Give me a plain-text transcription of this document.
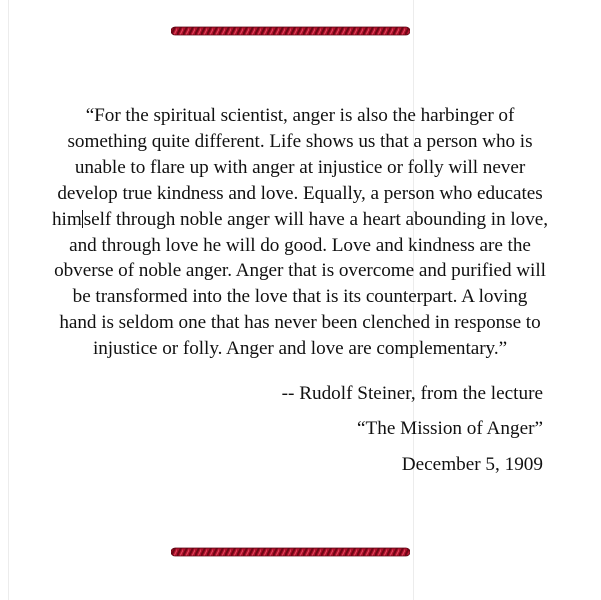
“For the spiritual scientist, anger is also the harbinger of
something quite different. Life shows us that a person who is
unable to flare up with anger at injustice or folly will never
develop true kindness and love. Equally, a person who educates
him self through noble anger will have a heart abounding in love,
and through love he will do good. Love and kindness are the
obverse of noble anger. Anger that is overcome and purified will
be transformed into the love that is its counterpart. A loving
hand is seldom one that has never been clenched in response to
injustice or folly. Anger and love are complementary.”

-- Rudolf Steiner, from the lecture

“The Mission of Anger”

December 5, 1909
